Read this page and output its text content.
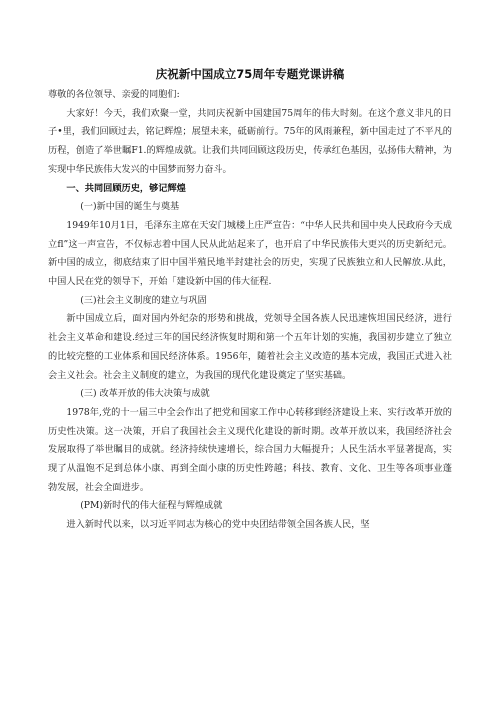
庆祝新中国成立75周年专题党课讲稿

尊敬的各位领导、亲爱的同胞们:

大家好！今天，我们欢聚一堂，共同庆祝新中国建国75周年的伟大时刻。在这个意义非凡的日子•里，我们回顾过去，铭记辉煌；展望未来，砥砺前行。75年的风雨兼程，新中国走过了不平凡的历程，创造了举世瞩F1.的辉煌成就。让我们共同回顾这段历史，传承红色基因，弘扬伟大精神，为实现中华民族伟大发兴的中国梦而努力奋斗。

一、共同回顾历史，够记辉煌

(一)新中国的诞生与奠基

1949年10月1日，毛泽东主席在天安门城楼上庄严宣告：“中华人民共和国中央人民政府今天成立fl”这一声宣告，不仅标志着中国人民从此站起来了，也开启了中华民族伟大更兴的历史新纪元。新中国的成立，彻底结束了旧中国半殖民地半封建社会的历史，实现了民族独立和人民解放.从此，中国人民在党的领导下，开始「建设新中国的伟大征程.

(三)社会主义制度的建立与巩固

新中国成立后，面对国内外纪杂的形势和挑战，党领导全国各族人民迅速恢坦国民经济，进行社会主义革命和建设.经过三年的国民经济恢复时期和第一个五年计划的实施，我国初步建立了独立的比较完整的工业体系和国民经济体系。1956年，随着社会主义改造的基本完成，我国正式进入社会主义社会。社会主义制度的建立，为我国的现代化建设奠定了坚实基础。

(三) 改革开放的伟大决策与成就

1978年,党的十一届三中全会作出了把党和国家工作中心转移到经济建设上来、实行改革开放的历史性决策。这一决策，开启了我国社会主义现代化建设的新时期。改革开放以来，我国经济社会发展取得了举世瞩目的成就。经济持续快速增长，综合国力大幅提升；人民生活水平显著提高，实现了从温饱不足到总体小康、再到全面小康的历史性跨越；科技、教育、文化、卫生等各项事业蓬勃发展，社会全面进步。

(PM)新时代的伟大征程与辉煌成就

进入新时代以来，以习近平同志为核心的党中央团结带领全国各族人民，坚
